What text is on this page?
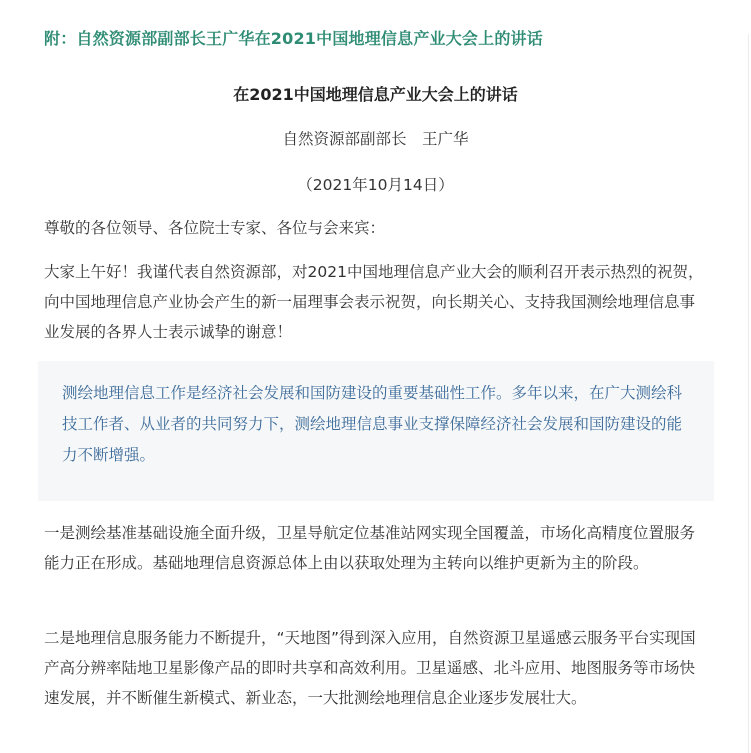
附：自然资源部副部长王广华在2021中国地理信息产业大会上的讲话
在2021中国地理信息产业大会上的讲话
自然资源部副部长　王广华
（2021年10月14日）

尊敬的各位领导、各位院士专家、各位与会来宾：

大家上午好！我谨代表自然资源部，对2021中国地理信息产业大会的顺利召开表示热烈的祝贺，向中国地理信息产业协会产生的新一届理事会表示祝贺，向长期关心、支持我国测绘地理信息事业发展的各界人士表示诚挚的谢意！

测绘地理信息工作是经济社会发展和国防建设的重要基础性工作。多年以来，在广大测绘科技工作者、从业者的共同努力下，测绘地理信息事业支撑保障经济社会发展和国防建设的能力不断增强。

一是测绘基准基础设施全面升级，卫星导航定位基准站网实现全国覆盖，市场化高精度位置服务能力正在形成。基础地理信息资源总体上由以获取处理为主转向以维护更新为主的阶段。

二是地理信息服务能力不断提升，“天地图”得到深入应用，自然资源卫星遥感云服务平台实现国产高分辨率陆地卫星影像产品的即时共享和高效利用。卫星遥感、北斗应用、地图服务等市场快速发展，并不断催生新模式、新业态，一大批测绘地理信息企业逐步发展壮大。
